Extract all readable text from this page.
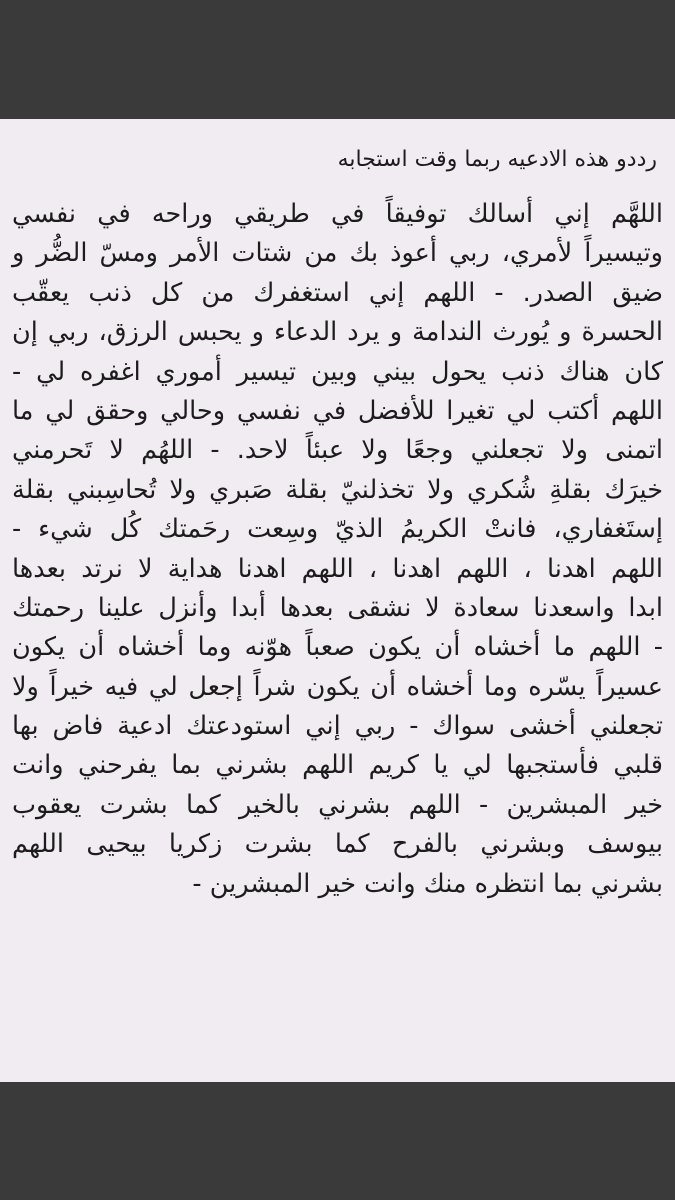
رددو هذه الادعيه ربما وقت استجابه
اللهَّم إني أسالك توفيقاً في طريقي وراحه في نفسي
وتيسيراً لأمري، ربي أعوذ بك من شتات الأمر ومسّ الضُّر و
ضيق الصدر. - اللهم إني استغفرك من كل ذنب يعقّب
الحسرة و يُورث الندامة و يرد الدعاء و يحبس الرزق، ربي إن
كان هناك ذنب يحول بيني وبين تيسير أموري اغفره لي -
اللهم أكتب لي تغيرا للأفضل في نفسي وحالي وحقق لي ما
اتمنى ولا تجعلني وجعًا ولا عبئاً لاحد. - اللهُم لا تَحرمني
خيرَك بقلةِ شُكري ولا تخذلنيّ بقلة صَبري ولا تُحاسِبني بقلة
إستَغفاري، فانتْ الكريمُ الذيّ وسِعت رحَمتك كُل شيء -
اللهم اهدنا ، اللهم اهدنا ، اللهم اهدنا هداية لا نرتد بعدها
ابدا واسعدنا سعادة لا نشقى بعدها أبدا وأنزل علينا رحمتك
- اللهم ما أخشاه أن يكون صعباً هوّنه وما أخشاه أن يكون
عسيراً يسّره وما أخشاه أن يكون شراً إجعل لي فيه خيراً ولا
تجعلني أخشى سواك - ربي إني استودعتك ادعية فاض بها
قلبي فأستجبها لي يا كريم اللهم بشرني بما يفرحني وانت
خير المبشرين - اللهم بشرني بالخير كما بشرت يعقوب
بيوسف وبشرني بالفرح كما بشرت زكريا بيحيى اللهم
بشرني بما انتظره منك وانت خير المبشرين -
